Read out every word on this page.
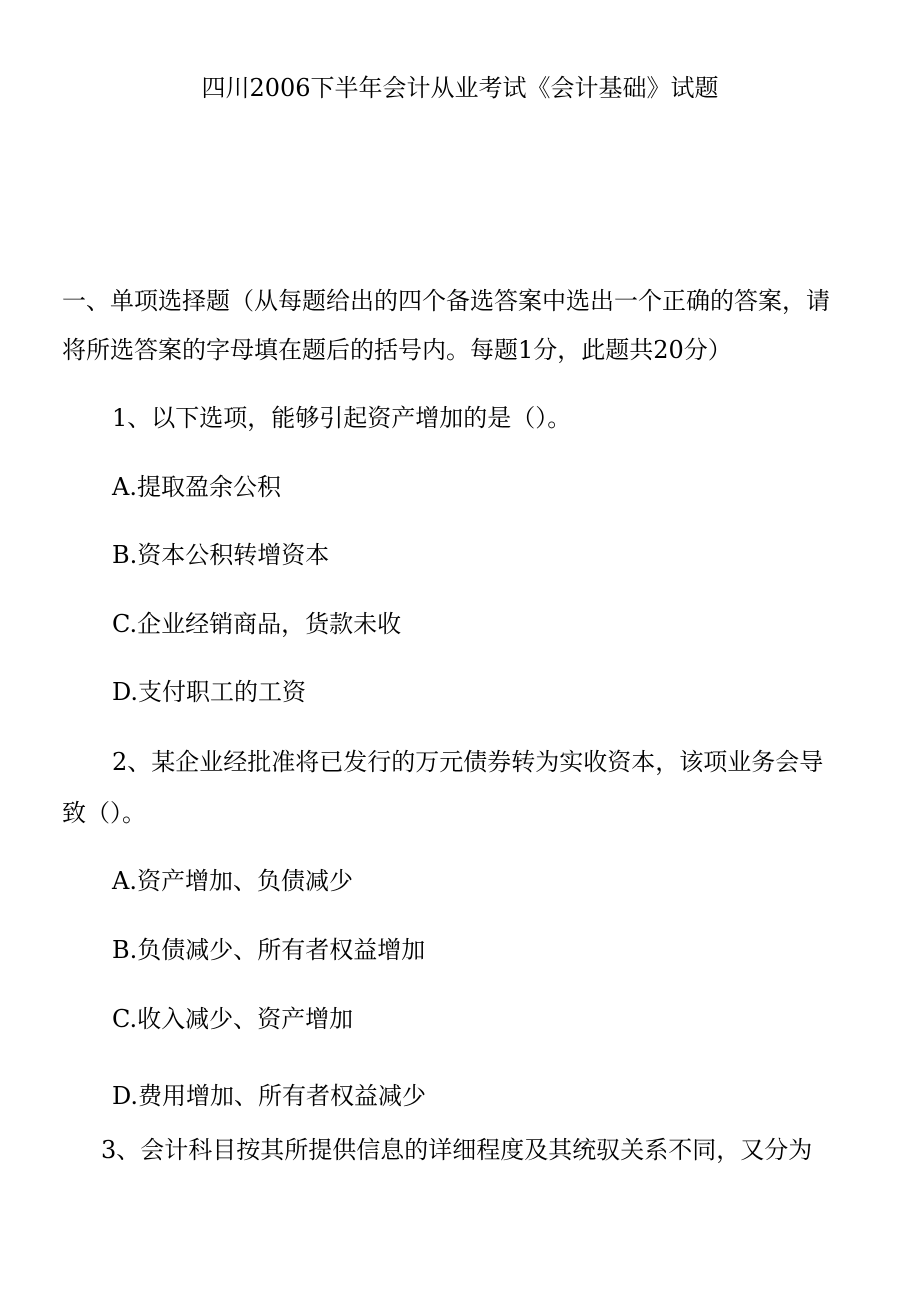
四川2006下半年会计从业考试《会计基础》试题
一、单项选择题（从每题给出的四个备选答案中选出一个正确的答案，请
将所选答案的字母填在题后的括号内。每题1分，此题共20分）
1、以下选项，能够引起资产增加的是（）。
A.提取盈余公积
B.资本公积转增资本
C.企业经销商品，货款未收
D.支付职工的工资
2、某企业经批准将已发行的万元债券转为实收资本，该项业务会导
致（）。
A.资产增加、负债减少
B.负债减少、所有者权益增加
C.收入减少、资产增加
D.费用增加、所有者权益减少
3、会计科目按其所提供信息的详细程度及其统驭关系不同，又分为
